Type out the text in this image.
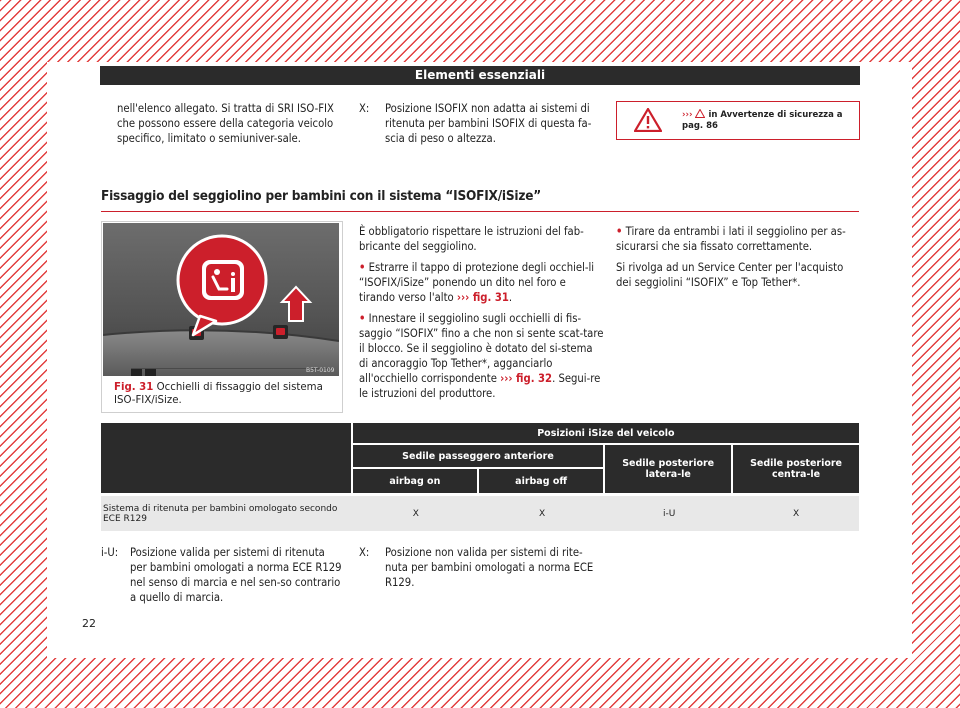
Elementi essenziali
nell'elenco allegato. Si tratta di SRI ISO-FIX che possono essere della categoria veicolo specifico, limitato o semiuniver-sale.
X: Posizione ISOFIX non adatta ai sistemi di ritenuta per bambini ISOFIX di questa fa-scia di peso o altezza.
››› in Avvertenze di sicurezza a
pag. 86
Fissaggio del seggiolino per bambini con il sistema “ISOFIX/iSize”
B5T-0109
Fig. 31 Occhielli di fissaggio del sistema ISO-FIX/iSize.
È obbligatorio rispettare le istruzioni del fab-bricante del seggiolino.
• Estrarre il tappo di protezione degli occhiel-li “ISOFIX/iSize” ponendo un dito nel foro e tirando verso l'alto ››› fig. 31.
• Innestare il seggiolino sugli occhielli di fis-saggio “ISOFIX” fino a che non si sente scat-tare il blocco. Se il seggiolino è dotato del si-stema di ancoraggio Top Tether*, agganciarlo all'occhiello corrispondente ››› fig. 32. Segui-re le istruzioni del produttore.
• Tirare da entrambi i lati il seggiolino per as-sicurarsi che sia fissato correttamente.
Si rivolga ad un Service Center per l'acquisto dei seggiolini “ISOFIX” e Top Tether*.
	Posizioni iSize del veicolo			
	Sedile passeggero anteriore		Sedile posteriore latera-le	Sedile posteriore centra-le
	airbag on	airbag off		
Sistema di ritenuta per bambini omologato secondo ECE R129	X	X	i-U	X
i-U: Posizione valida per sistemi di ritenuta per bambini omologati a norma ECE R129 nel senso di marcia e nel sen-so contrario a quello di marcia.
X: Posizione non valida per sistemi di rite-nuta per bambini omologati a norma ECE R129.
22
